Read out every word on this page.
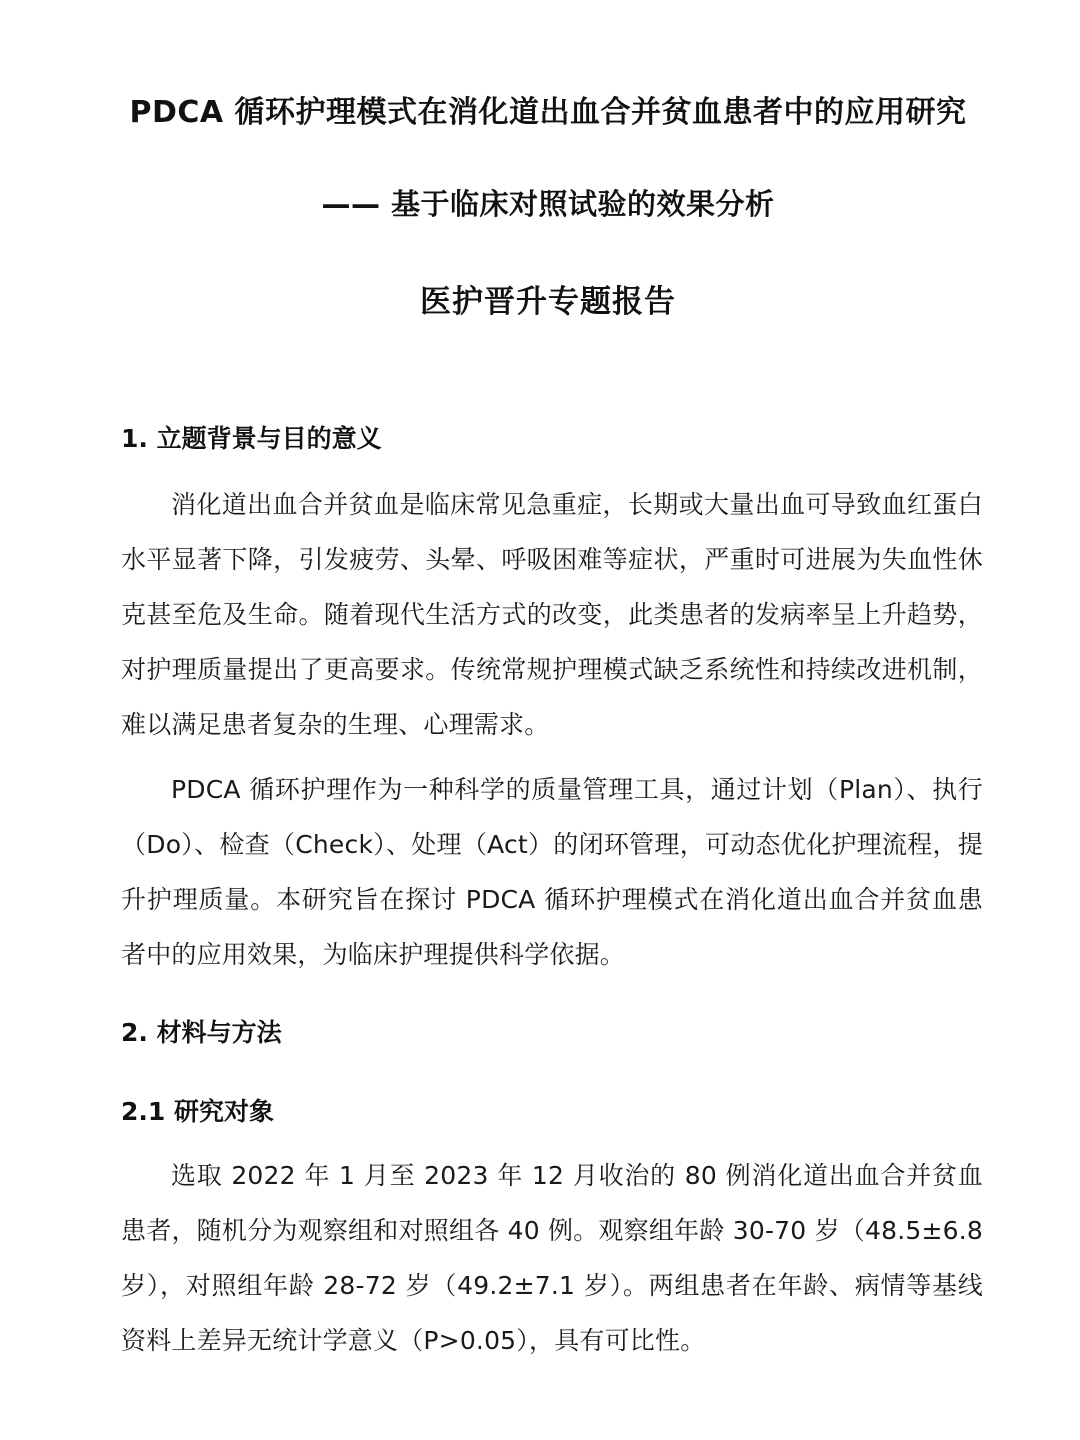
PDCA 循环护理模式在消化道出血合并贫血患者中的应用研究
—— 基于临床对照试验的效果分析
医护晋升专题报告
1. 立题背景与目的意义

消化道出血合并贫血是临床常见急重症，长期或大量出血可导致血红蛋白水平显著下降，引发疲劳、头晕、呼吸困难等症状，严重时可进展为失血性休克甚至危及生命。随着现代生活方式的改变，此类患者的发病率呈上升趋势，对护理质量提出了更高要求。传统常规护理模式缺乏系统性和持续改进机制，难以满足患者复杂的生理、心理需求。

PDCA 循环护理作为一种科学的质量管理工具，通过计划（Plan）、执行（Do）、检查（Check）、处理（Act）的闭环管理，可动态优化护理流程，提升护理质量。本研究旨在探讨 PDCA 循环护理模式在消化道出血合并贫血患者中的应用效果，为临床护理提供科学依据。

2. 材料与方法
2.1 研究对象

选取 2022 年 1 月至 2023 年 12 月收治的 80 例消化道出血合并贫血患者，随机分为观察组和对照组各 40 例。观察组年龄 30-70 岁（48.5±6.8 岁），对照组年龄 28-72 岁（49.2±7.1 岁）。两组患者在年龄、病情等基线资料上差异无统计学意义（P>0.05），具有可比性。
